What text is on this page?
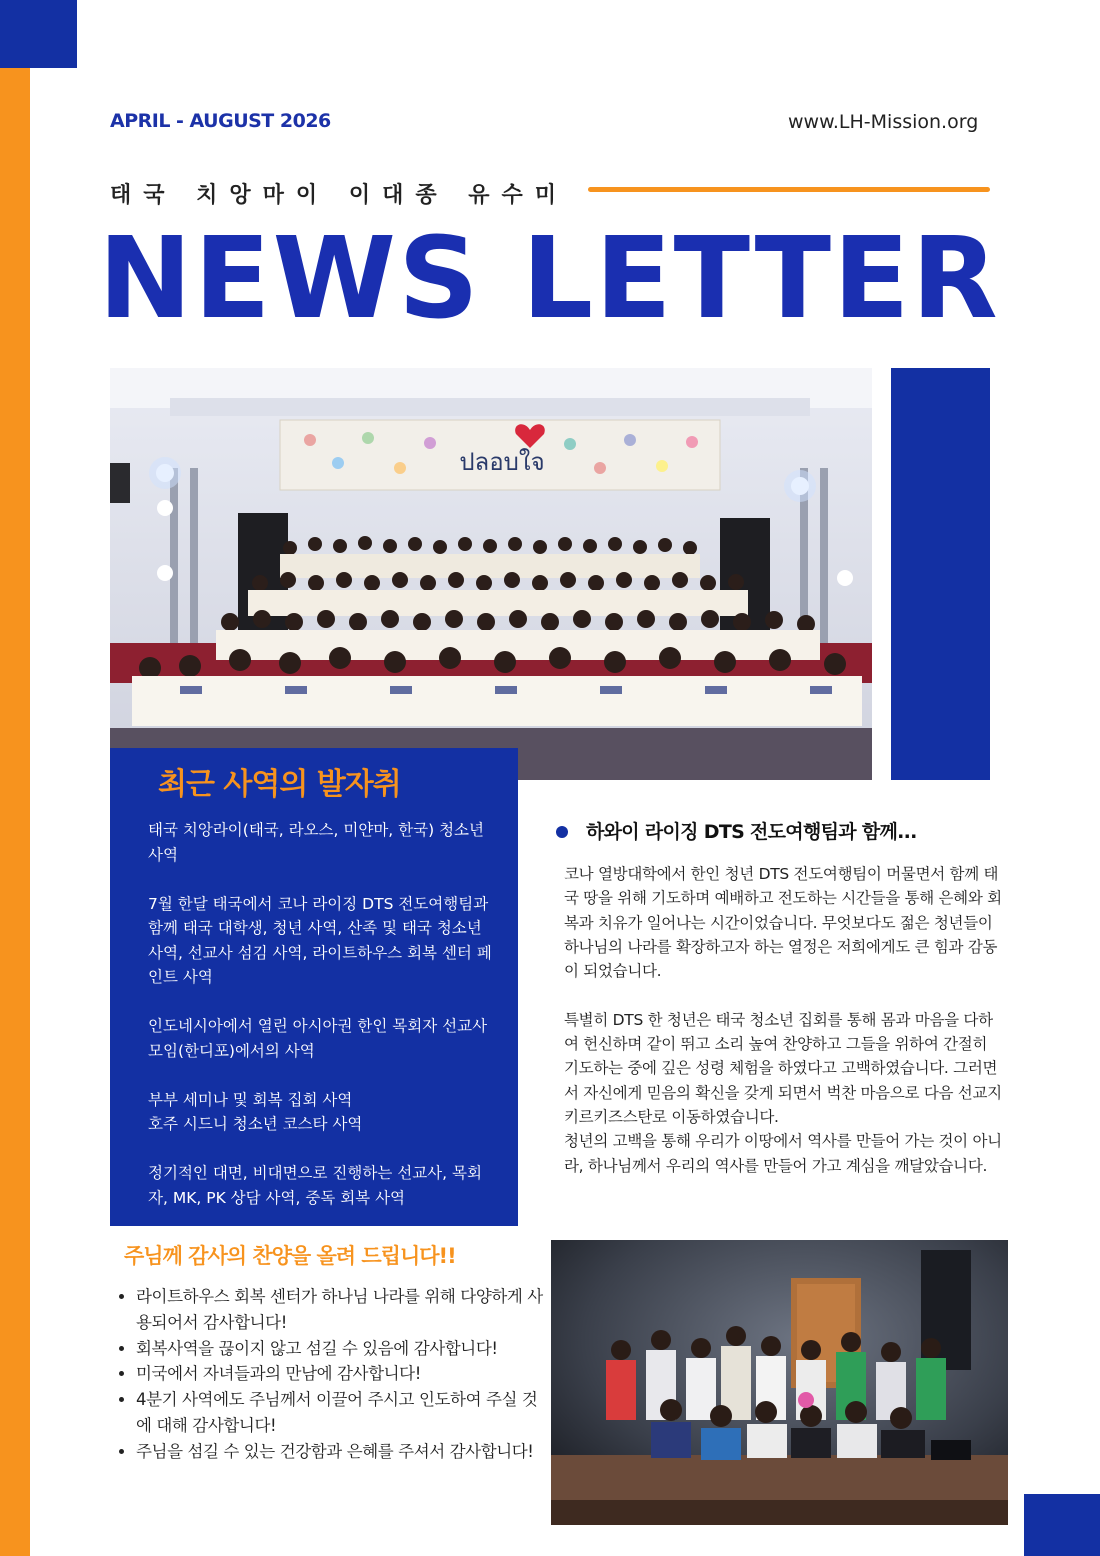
APRIL - AUGUST 2026	www.LH-Mission.org
태국 치앙마이 이대종 유수미
NEWS LETTER
ปลอบใจ
최근 사역의 발자취

태국 치앙라이(태국, 라오스, 미얀마, 한국) 청소년 사역

7월 한달 태국에서 코나 라이징 DTS 전도여행팀과 함께 태국 대학생, 청년 사역, 산족 및 태국 청소년사역, 선교사 섬김 사역, 라이트하우스 회복 센터 페인트 사역

인도네시아에서 열린 아시아권 한인 목회자 선교사 모임(한디포)에서의 사역

부부 세미나 및 회복 집회 사역

호주 시드니 청소년 코스타 사역

정기적인 대면, 비대면으로 진행하는 선교사, 목회자, MK, PK 상담 사역, 중독 회복 사역

하와이 라이징 DTS 전도여행팀과 함께...

코나 열방대학에서 한인 청년 DTS 전도여행팀이 머물면서 함께 태국 땅을 위해 기도하며 예배하고 전도하는 시간들을 통해 은혜와 회복과 치유가 일어나는 시간이었습니다. 무엇보다도 젊은 청년들이 하나님의 나라를 확장하고자 하는 열정은 저희에게도 큰 힘과 감동이 되었습니다.

특별히 DTS 한 청년은 태국 청소년 집회를 통해 몸과 마음을 다하여 헌신하며 같이 뛰고 소리 높여 찬양하고 그들을 위하여 간절히 기도하는 중에 깊은 성령 체험을 하였다고 고백하였습니다. 그러면서 자신에게 믿음의 확신을 갖게 되면서 벅찬 마음으로 다음 선교지 키르키즈스탄로 이동하였습니다.

청년의 고백을 통해 우리가 이땅에서 역사를 만들어 가는 것이 아니라, 하나님께서 우리의 역사를 만들어 가고 계심을 깨달았습니다.

주님께 감사의 찬양을 올려 드립니다!!
• 라이트하우스 회복 센터가 하나님 나라를 위해 다양하게 사용되어서 감사합니다!
• 회복사역을 끊이지 않고 섬길 수 있음에 감사합니다!
• 미국에서 자녀들과의 만남에 감사합니다!
• 4분기 사역에도 주님께서 이끌어 주시고 인도하여 주실 것에 대해 감사합니다!
• 주님을 섬길 수 있는 건강함과 은혜를 주셔서 감사합니다!
